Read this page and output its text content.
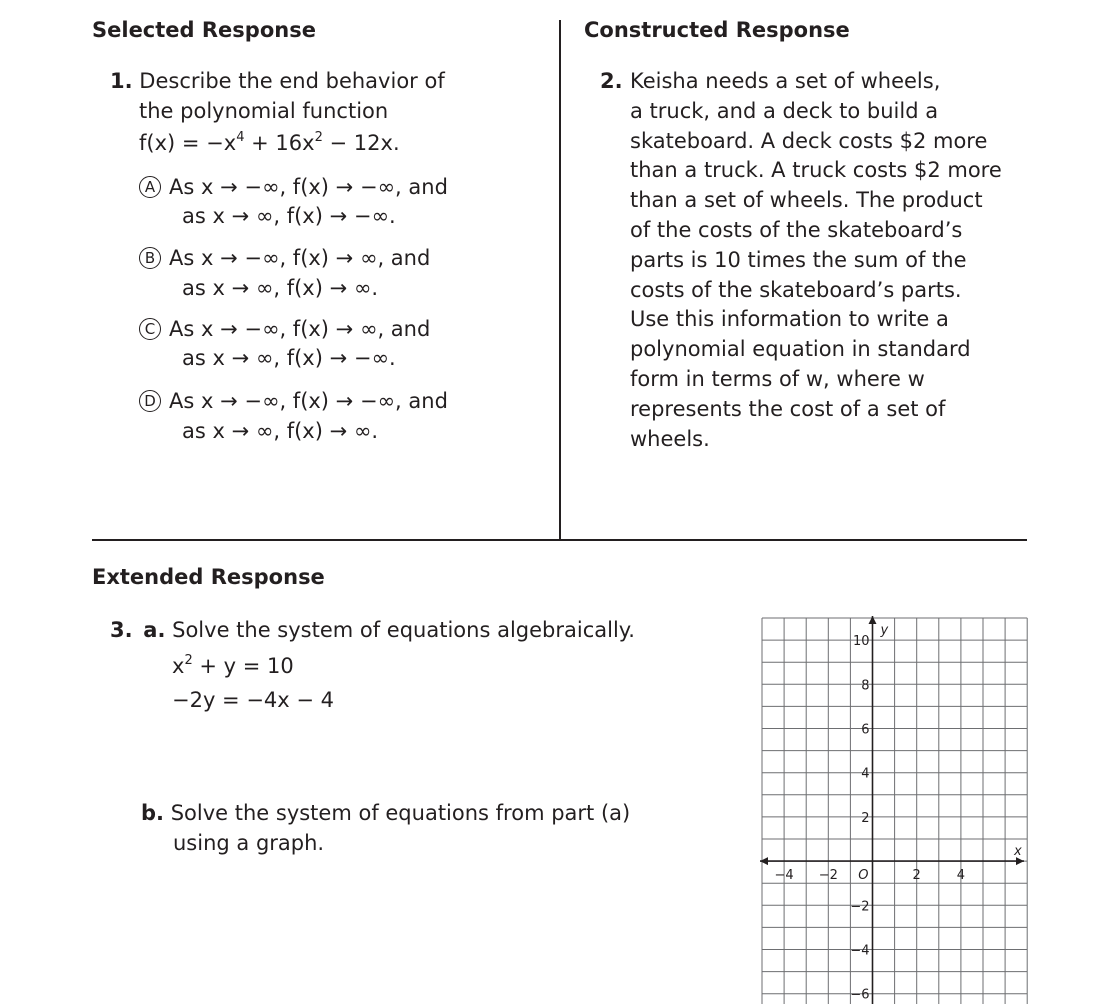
Selected Response	Constructed Response
1. Describe the end behavior of
the polynomial function
$f(x) = -x^4 + 16x^2 - 12x$.
A As x → −∞, f(x) → −∞, and
as x → ∞, f(x) → −∞.
B As x → −∞, f(x) → ∞, and
as x → ∞, f(x) → ∞.
C As x → −∞, f(x) → ∞, and
as x → ∞, f(x) → −∞.
D As x → −∞, f(x) → −∞, and
as x → ∞, f(x) → ∞.
2. Keisha needs a set of wheels,
a truck, and a deck to build a
skateboard. A deck costs $2 more
than a truck. A truck costs $2 more
than a set of wheels. The product
of the costs of the skateboard’s
parts is 10 times the sum of the
costs of the skateboard’s parts.
Use this information to write a
polynomial equation in standard
form in terms of w, where w
represents the cost of a set of
wheels.
Extended Response
3. a. Solve the system of equations algebraically.
$x^2 + y = 10$
−2y = −4x − 4
b. Solve the system of equations from part (a)
using a graph.
−4 −2	2	4
10
8
6
4
2
−2
−4
−6
O
x
y
